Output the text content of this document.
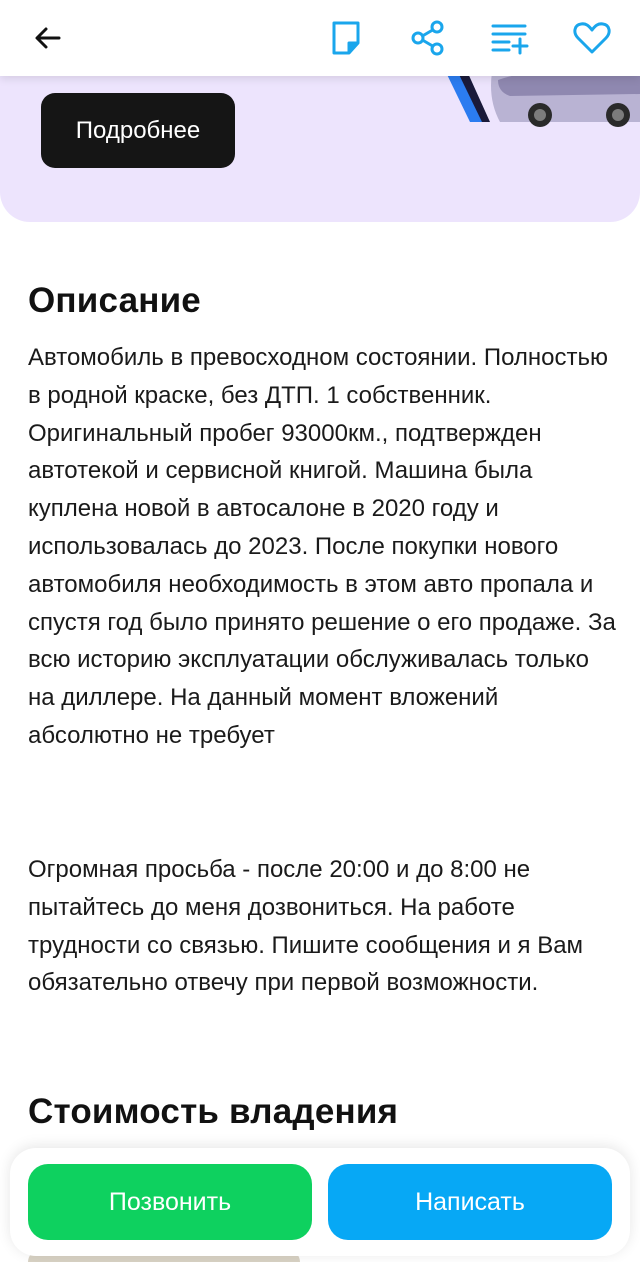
Подробнее
Описание

Автомобиль в превосходном состоянии. Полностью в родной краске, без ДТП. 1 собственник. Оригинальный пробег 93000км., подтвержден автотекой и сервисной книгой. Машина была куплена новой в автосалоне в 2020 году и использовалась до 2023. После покупки нового автомобиля необходимость в этом авто пропала и спустя год было принято решение о его продаже. За всю историю эксплуатации обслуживалась только на диллере. На данный момент вложений абсолютно не требует

Огромная просьба - после 20:00 и до 8:00 не пытайтесь до меня дозвониться. На работе трудности со связью. Пишите сообщения и я Вам обязательно отвечу при первой возможности.

Стоимость владения
Позвонить	Написать
